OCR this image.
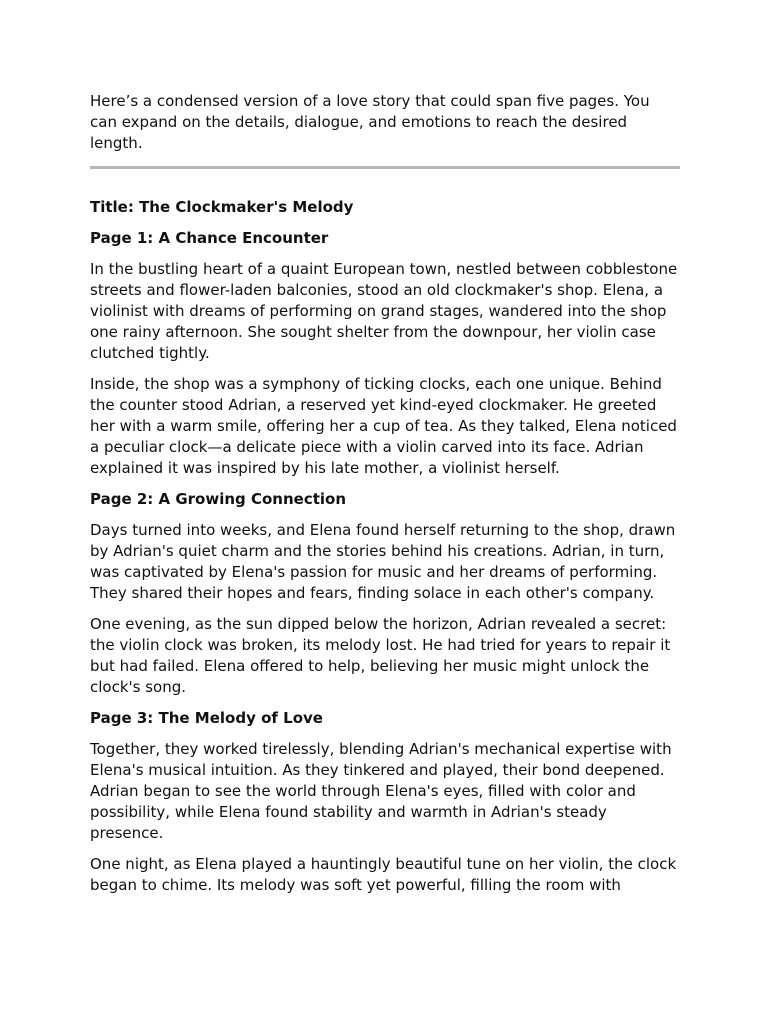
Here’s a condensed version of a love story that could span five pages. You can expand on the details, dialogue, and emotions to reach the desired length.

Title: The Clockmaker's Melody

Page 1: A Chance Encounter

In the bustling heart of a quaint European town, nestled between cobblestone streets and flower-laden balconies, stood an old clockmaker's shop. Elena, a violinist with dreams of performing on grand stages, wandered into the shop one rainy afternoon. She sought shelter from the downpour, her violin case clutched tightly.

Inside, the shop was a symphony of ticking clocks, each one unique. Behind the counter stood Adrian, a reserved yet kind-eyed clockmaker. He greeted her with a warm smile, offering her a cup of tea. As they talked, Elena noticed a peculiar clock—a delicate piece with a violin carved into its face. Adrian explained it was inspired by his late mother, a violinist herself.

Page 2: A Growing Connection

Days turned into weeks, and Elena found herself returning to the shop, drawn by Adrian's quiet charm and the stories behind his creations. Adrian, in turn, was captivated by Elena's passion for music and her dreams of performing. They shared their hopes and fears, finding solace in each other's company.

One evening, as the sun dipped below the horizon, Adrian revealed a secret: the violin clock was broken, its melody lost. He had tried for years to repair it but had failed. Elena offered to help, believing her music might unlock the clock's song.

Page 3: The Melody of Love

Together, they worked tirelessly, blending Adrian's mechanical expertise with Elena's musical intuition. As they tinkered and played, their bond deepened. Adrian began to see the world through Elena's eyes, filled with color and possibility, while Elena found stability and warmth in Adrian's steady presence.

One night, as Elena played a hauntingly beautiful tune on her violin, the clock began to chime. Its melody was soft yet powerful, filling the room with
